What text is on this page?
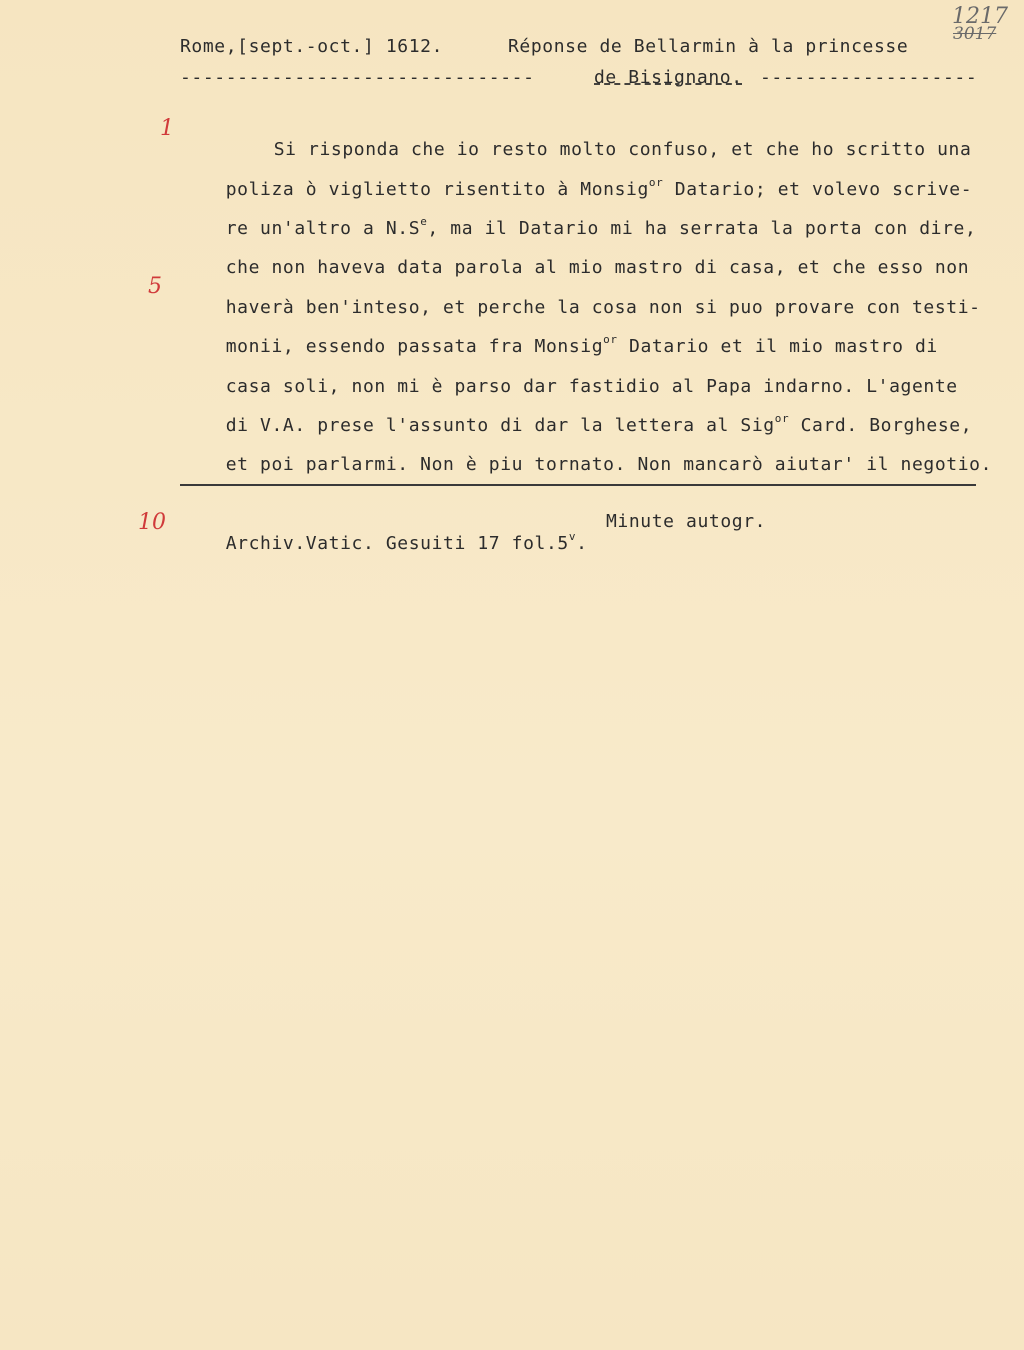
1217
3017
Rome,[sept.-oct.] 1612.	Réponse de Bellarmin à la princesse
-------------------------------	de Bisignano. -------------------
1
5
10

Si risponda che io resto molto confuso, et che ho scritto una

poliza ò viglietto risentito à Monsig$^{or}$ Datario; et volevo scrive-

re un'altro a $N.S^e$, ma il Datario mi ha serrata la porta con dire,

che non haveva data parola al mio mastro di casa, et che esso non

haverà ben'inteso, et perche la cosa non si puo provare con testi-

monii, essendo passata fra Monsig$^{or}$ Datario et il mio mastro di

casa soli, non mi è parso dar fastidio al Papa indarno. L'agente

di V.A. prese l'assunto di dar la lettera al Sig$^{or}$ Card. Borghese,

et poi parlarmi. Non è piu tornato. Non mancarò aiutar' il negotio.

Archiv.Vatic. Gesuiti 17 fol.5$^v$.

Minute autogr.
